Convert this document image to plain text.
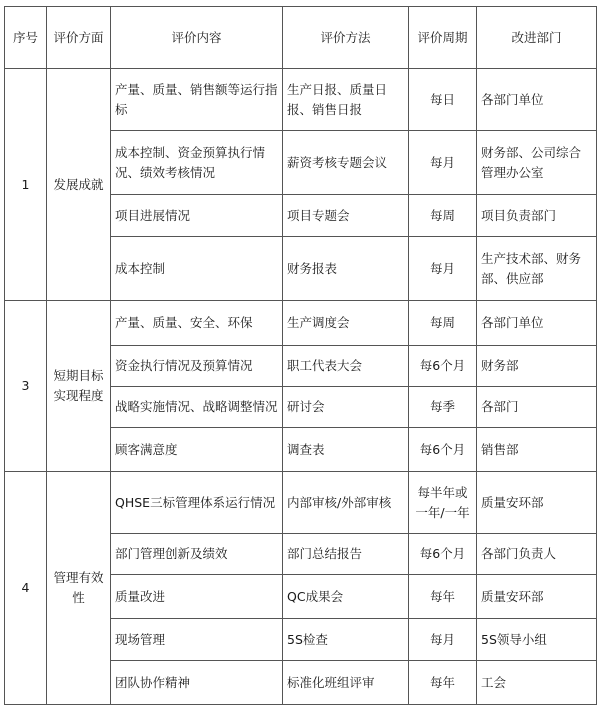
序号	评价方面	评价内容	评价方法	评价周期	改进部门
1	发展成就	产量、质量、销售额等运行指标	生产日报、质量日报、销售日报	每日	各部门单位
		成本控制、资金预算执行情况、绩效考核情况	薪资考核专题会议	每月	财务部、公司综合管理办公室
		项目进展情况	项目专题会	每周	项目负责部门
		成本控制	财务报表	每月	生产技术部、财务部、供应部
3	短期目标实现程度	产量、质量、安全、环保	生产调度会	每周	各部门单位
		资金执行情况及预算情况	职工代表大会	每6个月	财务部
		战略实施情况、战略调整情况	研讨会	每季	各部门
		顾客满意度	调查表	每6个月	销售部
4	管理有效性	QHSE三标管理体系运行情况	内部审核/外部审核	每半年或一年/一年	质量安环部
		部门管理创新及绩效	部门总结报告	每6个月	各部门负责人
		质量改进	QC成果会	每年	质量安环部
		现场管理	5S检查	每月	5S领导小组
		团队协作精神	标准化班组评审	每年	工会
